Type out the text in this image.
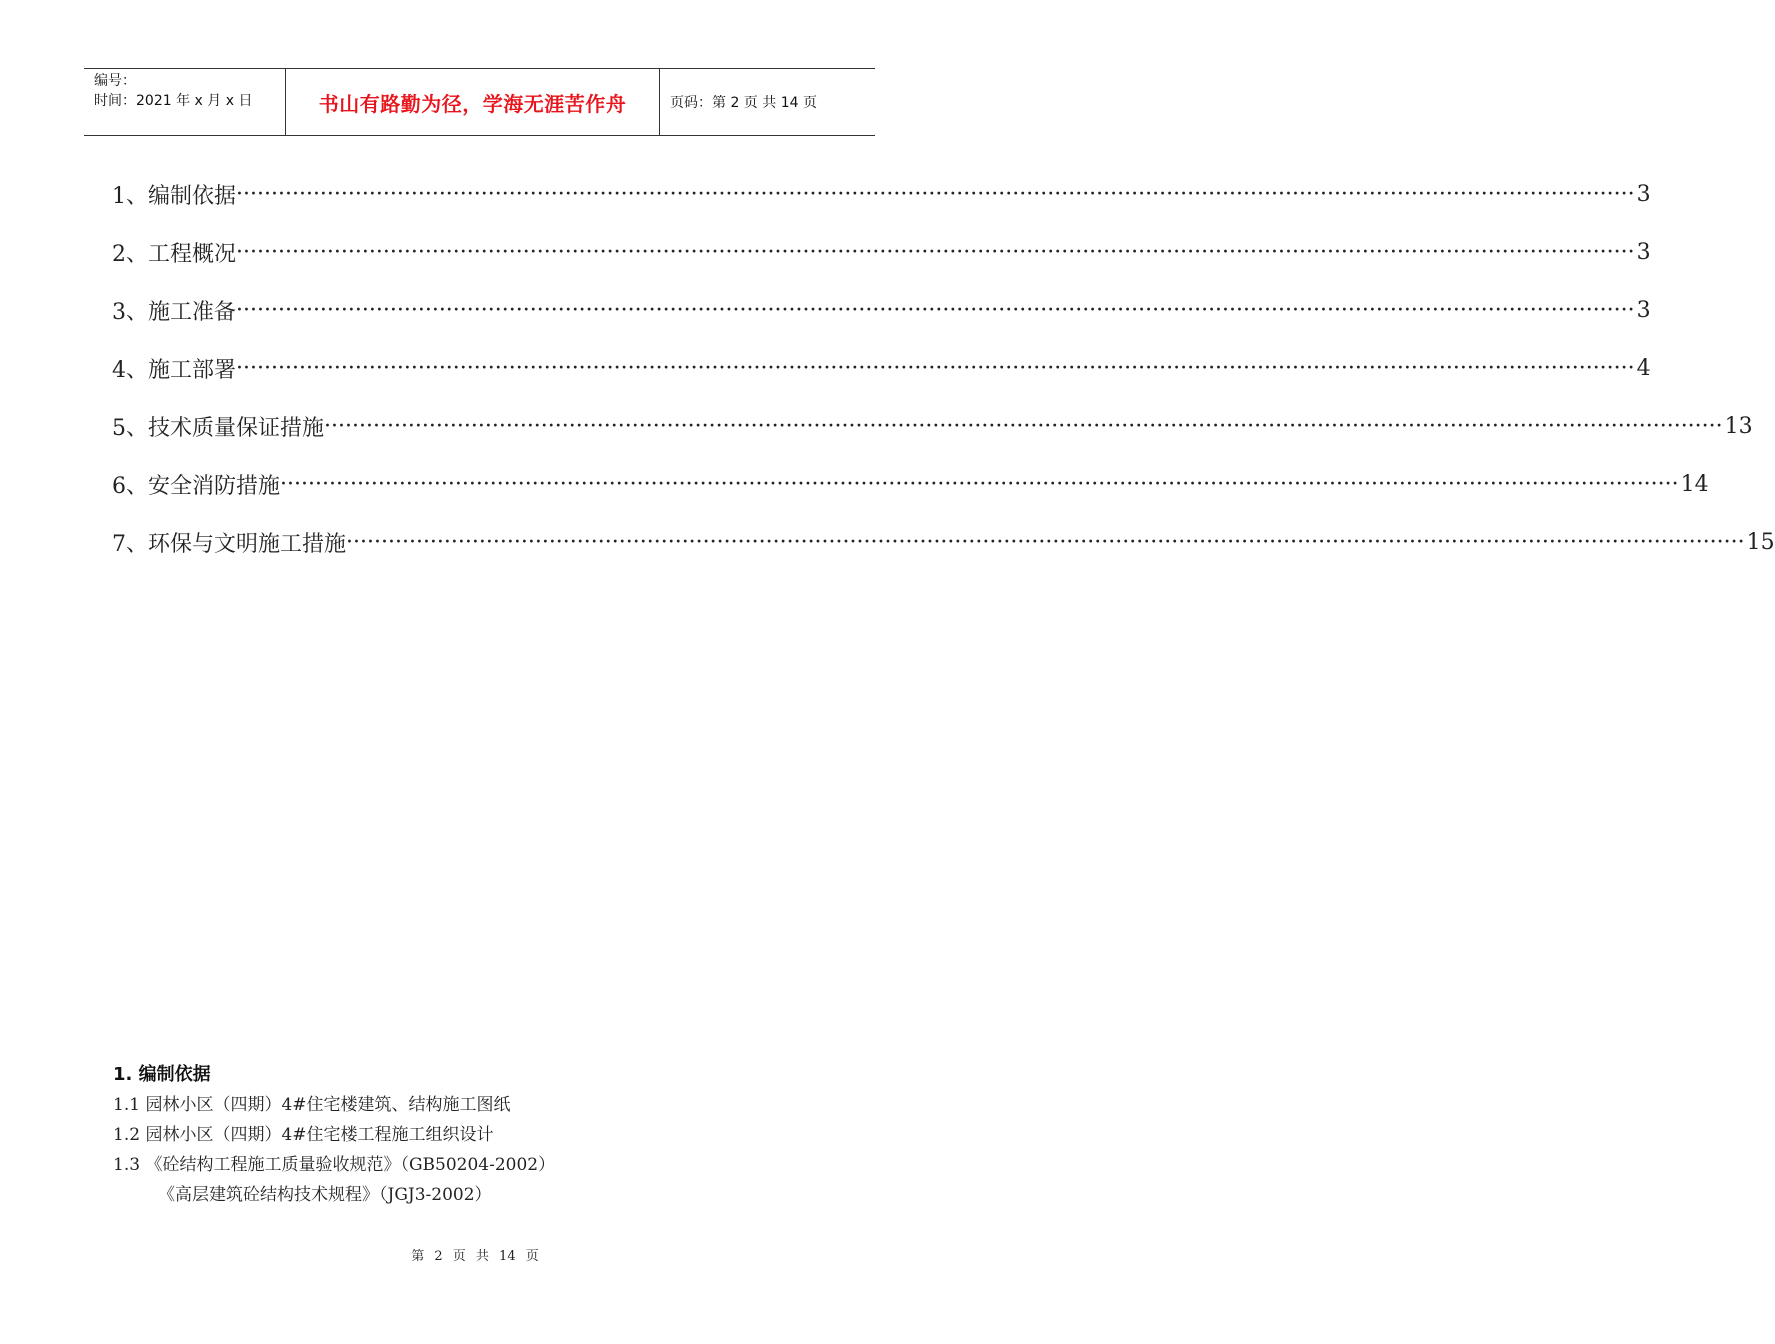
编号：
时间：2021 年 x 月 x 日	书山有路勤为径，学海无涯苦作舟	页码：第 2 页 共 14 页
1、 编制依据 ········································································································································································································ 3
2、 工程概况 ········································································································································································································ 3
3、 施工准备 ········································································································································································································ 3
4、 施工部署 ········································································································································································································ 4
5、 技术质量保证措施 ········································································································································································································ 13
6、 安全消防措施 ········································································································································································································ 14
7、 环保与文明施工措施 ········································································································································································································ 15
1. 编制依据
1.1 园林小区（四期）4#住宅楼建筑、结构施工图纸
1.2 园林小区（四期）4#住宅楼工程施工组织设计
1.3 《砼结构工程施工质量验收规范》（GB50204-2002）
《高层建筑砼结构技术规程》（JGJ3-2002）
第 2 页 共 14 页
